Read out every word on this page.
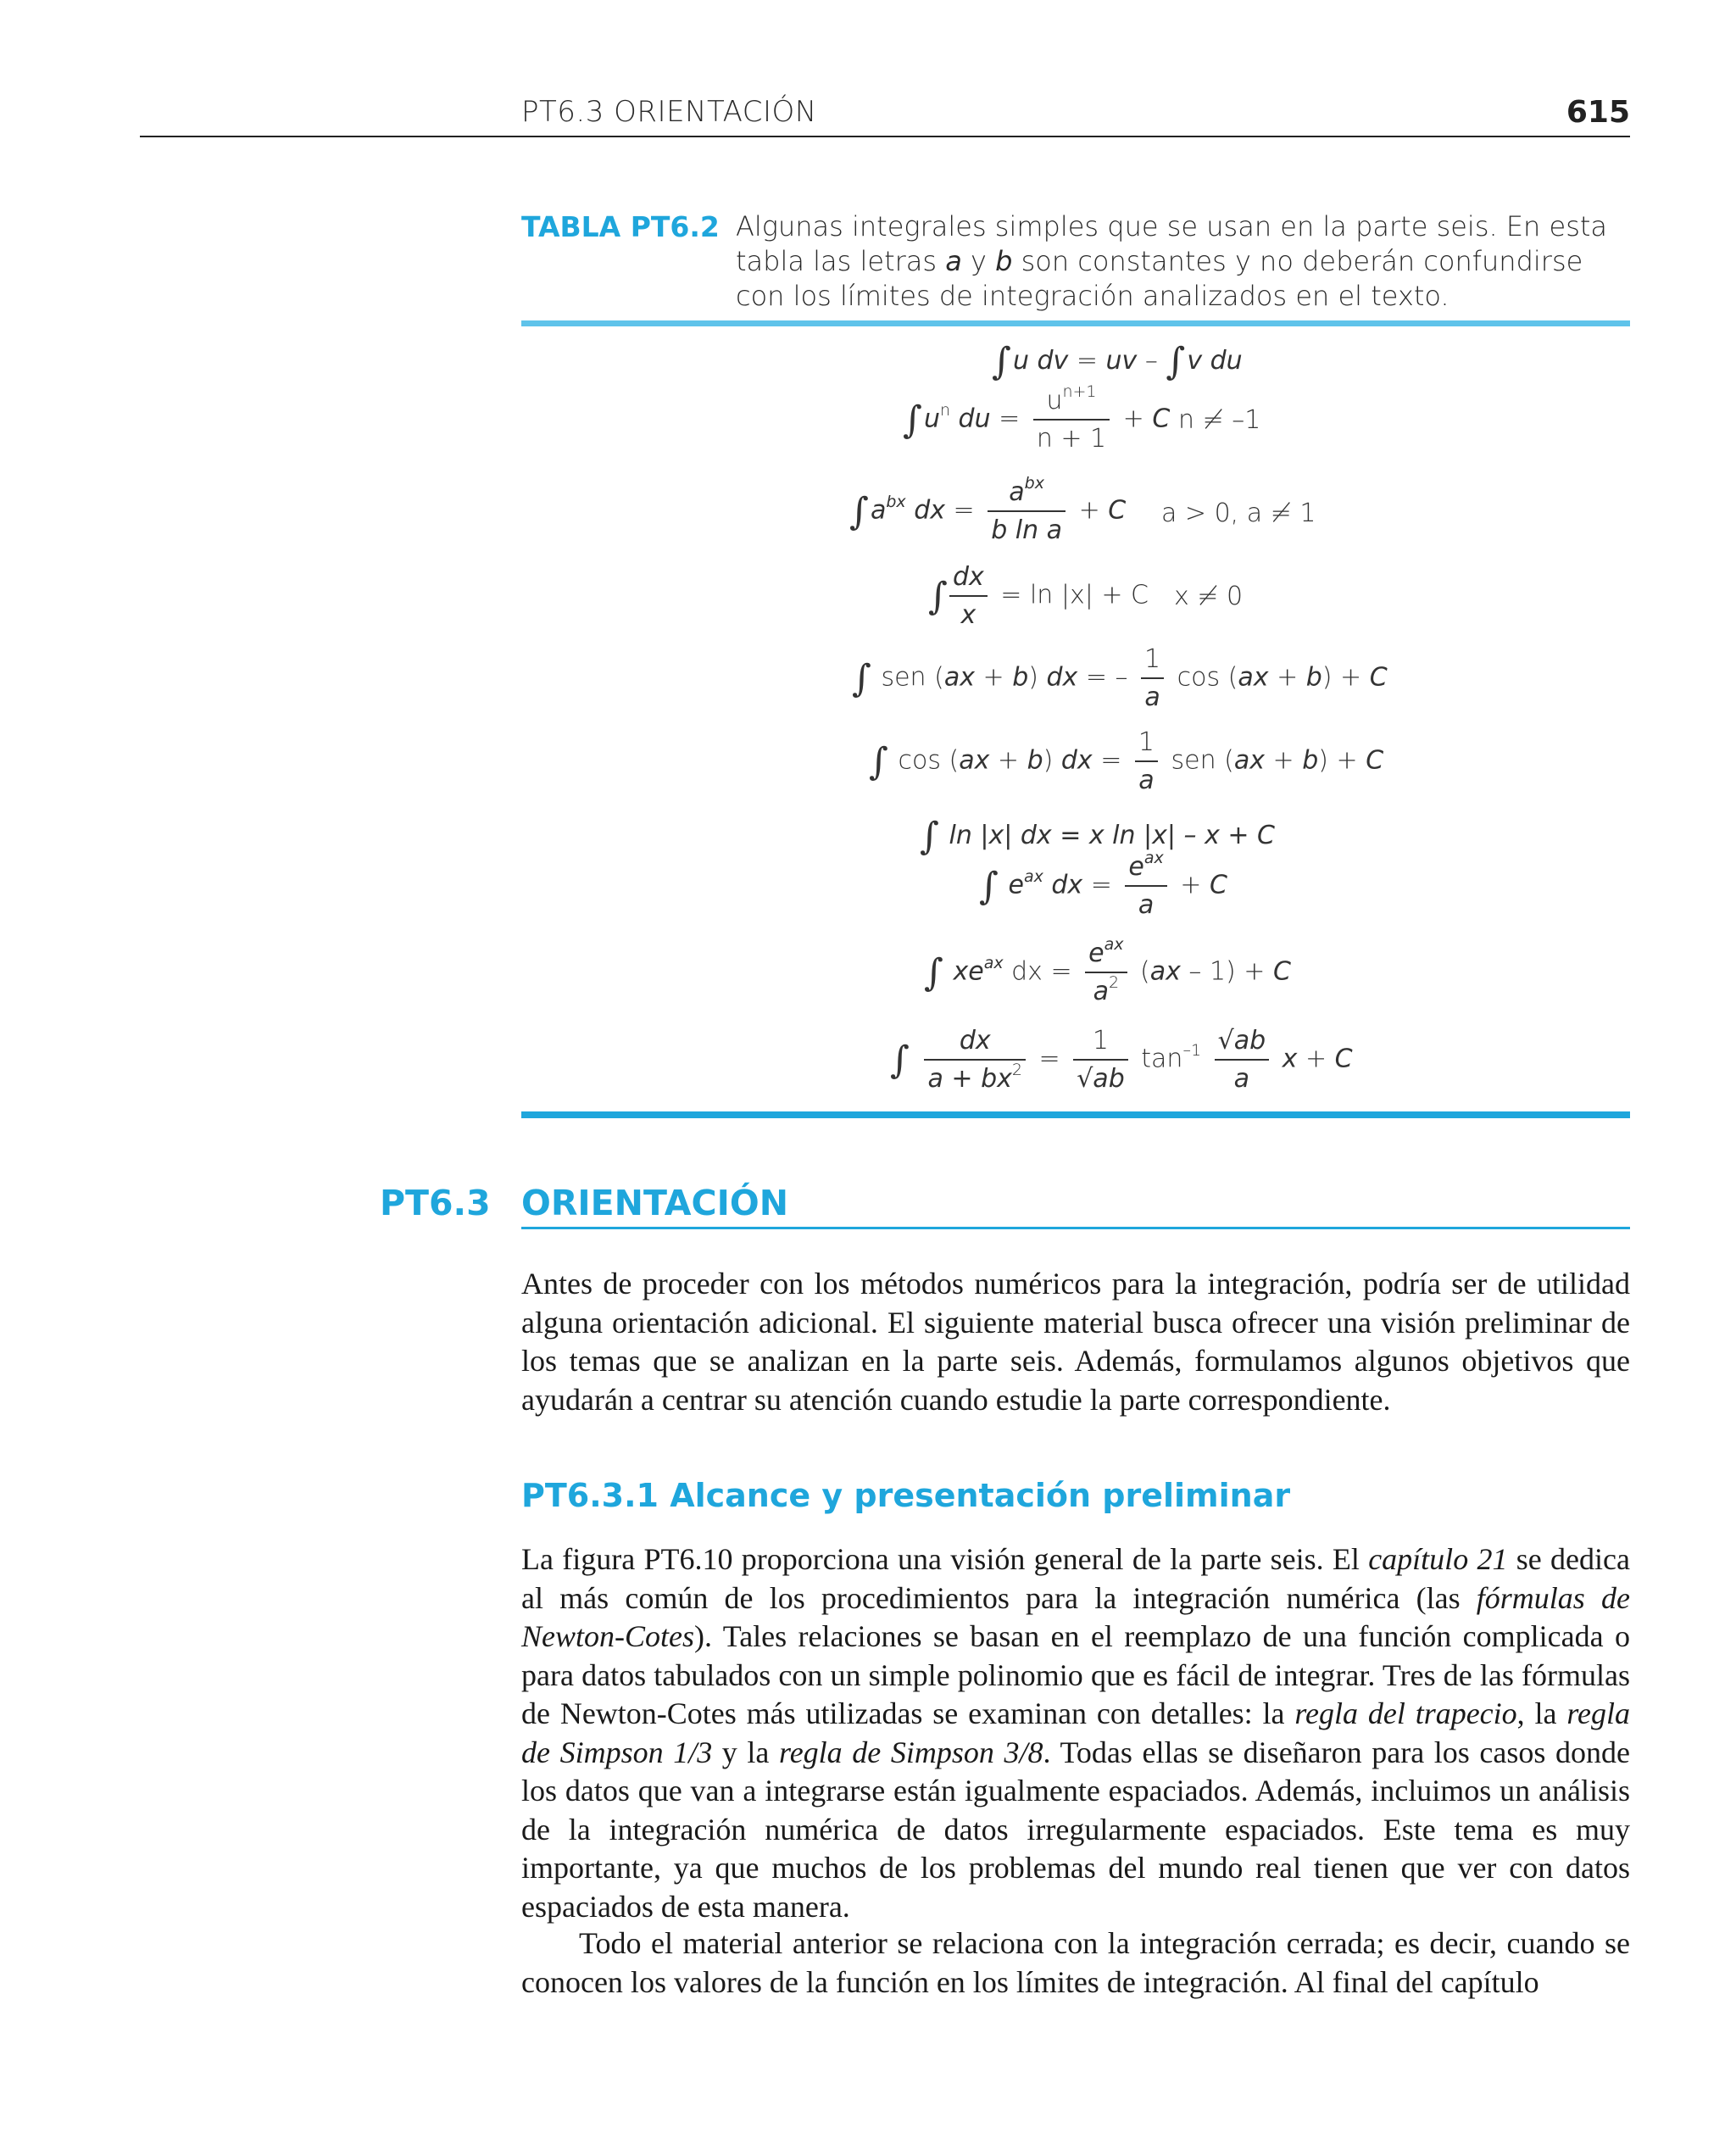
PT6.3 ORIENTACIÓN	615
TABLA PT6.2 Algunas integrales simples que se usan en la parte seis. En esta tabla las letras a y b son constantes y no deberán confundirse con los límites de integración analizados en el texto.
∫u dv = uv – ∫v du
$\int u^n$ du = $\frac{u^{n+1}}{n + 1} + C$ n ≠ –1
$\int a^{bx}$ dx = $\frac{a^{bx}}{\text{b ln a}} + C$ a > 0, a ≠ 1
∫ $\frac{dx}{x} = \ln |x| + C$ x ≠ 0
∫ sen (ax + b) dx = – $\frac{1}{a}$ cos (ax + b) + C
∫ cos (ax + b) dx = $\frac{1}{a}$ sen (ax + b) + C
∫ ln |x| dx = x ln |x| – x + C
∫ $e^{ax}$ dx = $\frac{e^{ax}}{a} + C$
∫ $xe^{ax}$ dx = $\frac{e^{ax}}{a^2} (ax - 1) + C$
∫ $\frac{dx}{a + bx^2} = \frac{1}{√ab} \tan^{-1} \frac{√ab}{a}$ x + C
PT6.3 ORIENTACIÓN
Antes de proceder con los métodos numéricos para la integración, podría ser de utilidad alguna orientación adicional. El siguiente material busca ofrecer una visión preliminar de los temas que se analizan en la parte seis. Además, formulamos algunos objetivos que ayudarán a centrar su atención cuando estudie la parte correspondiente.
PT6.3.1 Alcance y presentación preliminar
La figura PT6.10 proporciona una visión general de la parte seis. El capítulo 21 se dedica al más común de los procedimientos para la integración numérica (las fórmulas de Newton-Cotes). Tales relaciones se basan en el reemplazo de una función complicada o para datos tabulados con un simple polinomio que es fácil de integrar. Tres de las fórmulas de Newton-Cotes más utilizadas se examinan con detalles: la regla del trapecio, la regla de Simpson 1/3 y la regla de Simpson 3/8. Todas ellas se diseñaron para los casos donde los datos que van a integrarse están igualmente espaciados. Además, incluimos un análisis de la integración numérica de datos irregularmente espaciados. Este tema es muy importante, ya que muchos de los problemas del mundo real tienen que ver con datos espaciados de esta manera.
Todo el material anterior se relaciona con la integración cerrada; es decir, cuando se conocen los valores de la función en los límites de integración. Al final del capítulo
